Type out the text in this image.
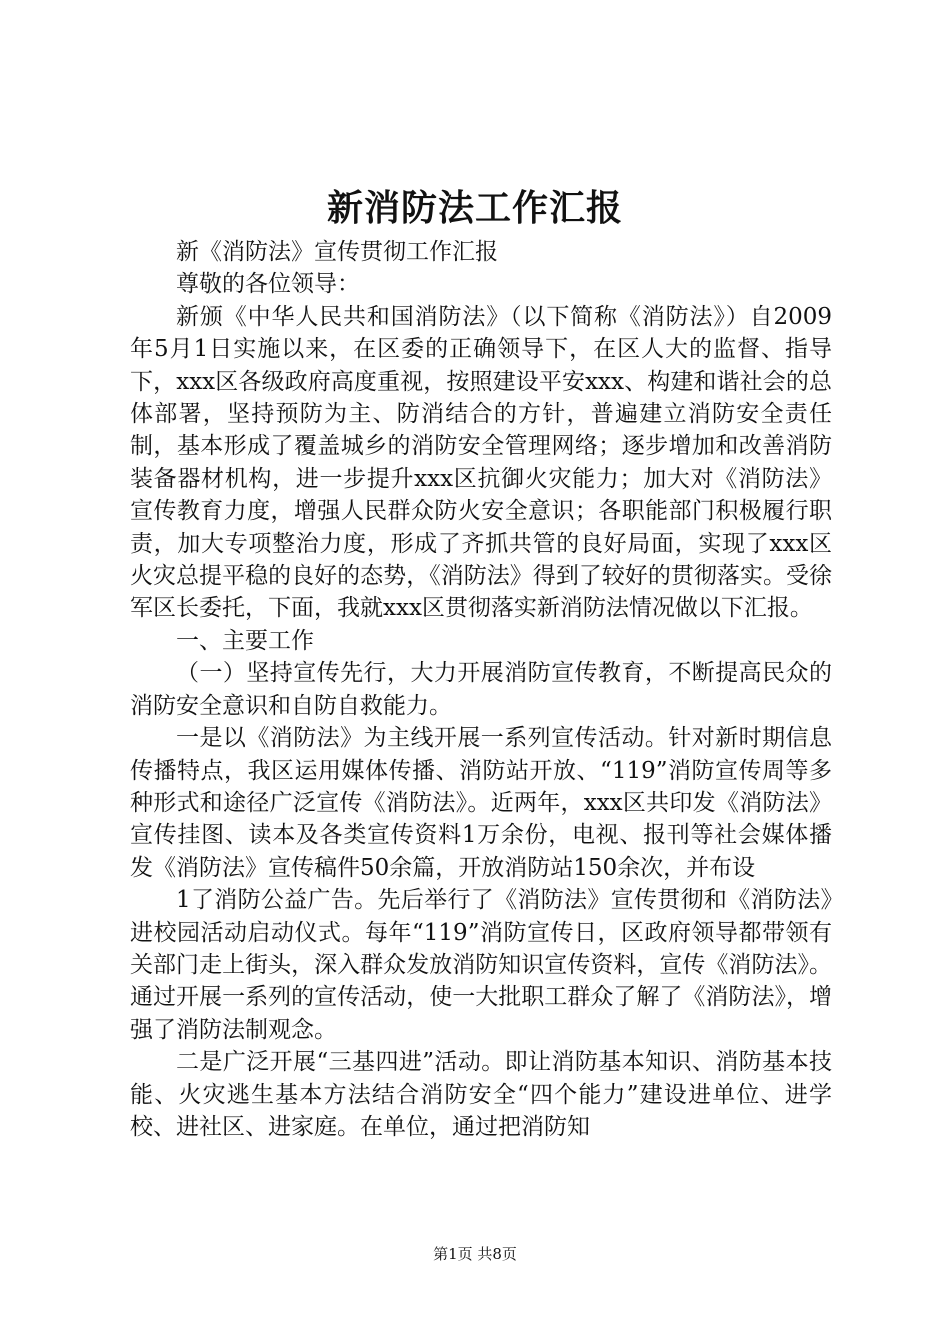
新消防法工作汇报

新《消防法》宣传贯彻工作汇报

尊敬的各位领导：

新颁《中华人民共和国消防法》（以下简称《消防法》）自2009年5月1日实施以来，在区委的正确领导下，在区人大的监督、指导下，xxx区各级政府高度重视，按照建设平安xxx、构建和谐社会的总体部署，坚持预防为主、防消结合的方针，普遍建立消防安全责任制，基本形成了覆盖城乡的消防安全管理网络；逐步增加和改善消防装备器材机构，进一步提升xxx区抗御火灾能力；加大对《消防法》宣传教育力度，增强人民群众防火安全意识；各职能部门积极履行职责，加大专项整治力度，形成了齐抓共管的良好局面，实现了xxx区火灾总提平稳的良好的态势，《消防法》得到了较好的贯彻落实。受徐军区长委托，下面，我就xxx区贯彻落实新消防法情况做以下汇报。

一、主要工作

（一）坚持宣传先行，大力开展消防宣传教育，不断提高民众的消防安全意识和自防自救能力。

一是以《消防法》为主线开展一系列宣传活动。针对新时期信息传播特点，我区运用媒体传播、消防站开放、“119”消防宣传周等多种形式和途径广泛宣传《消防法》。近两年，xxx区共印发《消防法》宣传挂图、读本及各类宣传资料1万余份，电视、报刊等社会媒体播发《消防法》宣传稿件50余篇，开放消防站150余次，并布设

1了消防公益广告。先后举行了《消防法》宣传贯彻和《消防法》进校园活动启动仪式。每年“119”消防宣传日，区政府领导都带领有关部门走上街头，深入群众发放消防知识宣传资料，宣传《消防法》。通过开展一系列的宣传活动，使一大批职工群众了解了《消防法》，增强了消防法制观念。

二是广泛开展“三基四进”活动。即让消防基本知识、消防基本技能、火灾逃生基本方法结合消防安全“四个能力”建设进单位、进学校、进社区、进家庭。在单位，通过把消防知

第1页 共8页
